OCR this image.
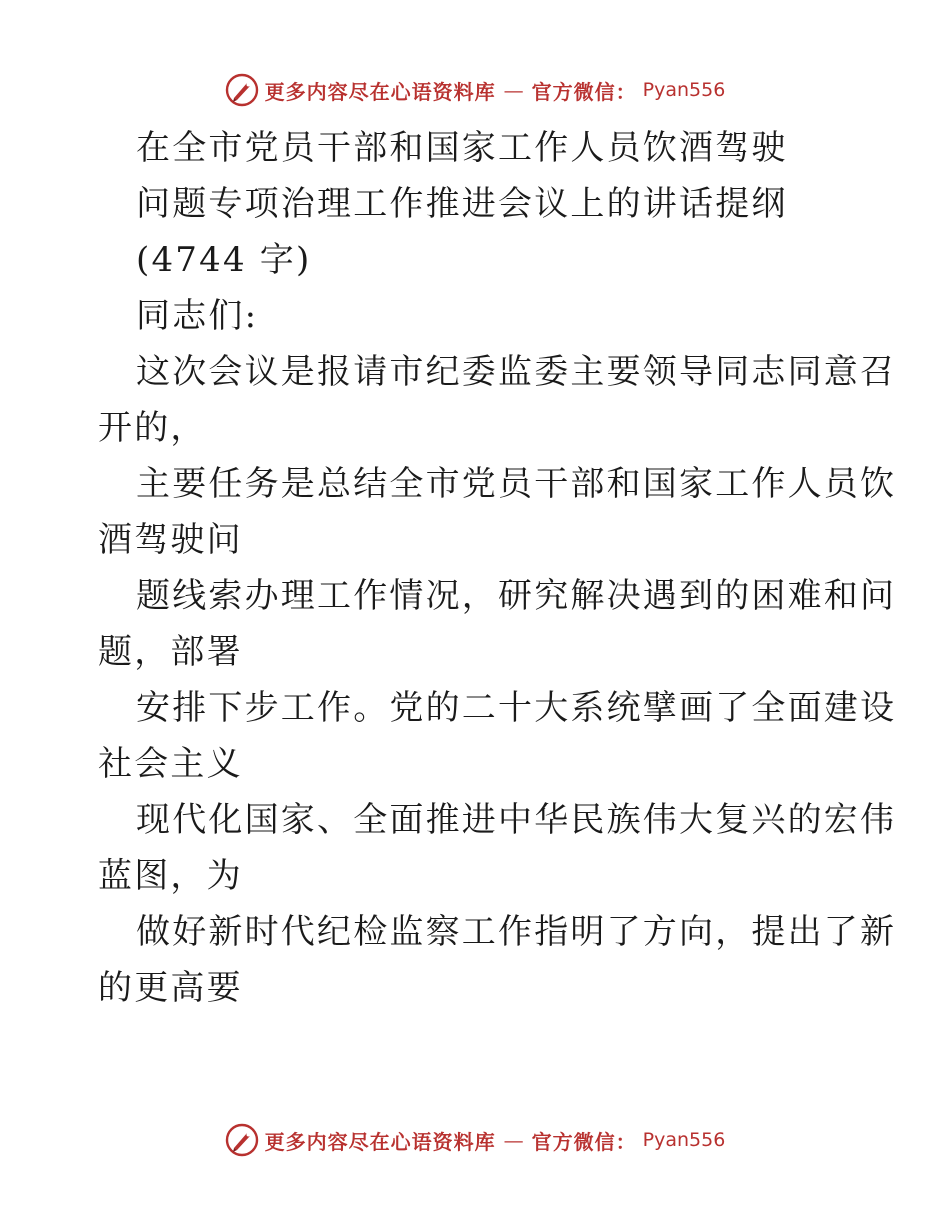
更多内容尽在心语资料库 — 官方微信： Pyan556
在全市党员干部和国家工作人员饮酒驾驶
问题专项治理工作推进会议上的讲话提纲
(4744 字)
同志们:
这次会议是报请市纪委监委主要领导同志同意召
开的，
主要任务是总结全市党员干部和国家工作人员饮
酒驾驶问
题线索办理工作情况，研究解决遇到的困难和问
题，部署
安排下步工作。党的二十大系统擘画了全面建设
社会主义
现代化国家、全面推进中华民族伟大复兴的宏伟
蓝图，为
做好新时代纪检监察工作指明了方向，提出了新
的更高要
更多内容尽在心语资料库 — 官方微信： Pyan556
